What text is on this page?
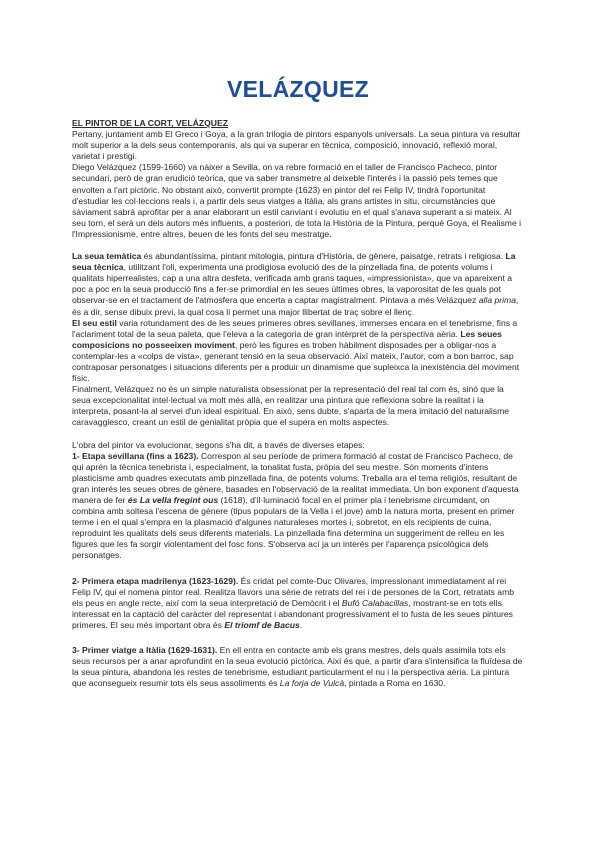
VELÁZQUEZ

EL PINTOR DE LA CORT, VELÁZQUEZ

Pertany, juntament amb El Greco i Goya, a la gran trilogia de pintors espanyols universals. La seua pintura va resultar molt superior a la dels seus contemporanis, als qui va superar en tècnica, composició, innovació, reflexió moral, varietat i prestigi.

Diego Velázquez (1599-1660) va nàixer a Sevilla, on va rebre formació en el taller de Francisco Pacheco, pintor secundari, però de gran erudició teòrica, que va saber transmetre al deixeble l'interés i la passió pels temes que envolten a l'art pictòric. No obstant això, convertit prompte (1623) en pintor del rei Felip IV, tindrà l'oportunitat d'estudiar les col·leccions reals i, a partir dels seus viatges a Itàlia, als grans artistes in situ, circumstàncies que sàviament sabrà aprofitar per a anar elaborant un estil canviant i evolutiu en el qual s'anava superant a si mateix. Al seu torn, el serà un dels autors més influents, a posteriori, de tota la Història de la Pintura, perquè Goya, el Realisme i l'Impressionisme, entre altres, beuen de les fonts del seu mestratge.

La seua temàtica és abundantíssima, pintant mitologia, pintura d'Història, de gènere, paisatge, retrats i religiosa. La seua tècnica, utilitzant l'oli, experimenta una prodigiosa evolució des de la pinzellada fina, de potents volums i qualitats hiperrealistes, cap a una altra desfeta, verificada amb grans taques, «impressionista», que va apareixent a poc a poc en la seua producció fins a fer-se primordial en les seues últimes obres, la vaporositat de les quals pot observar-se en el tractament de l'atmosfera que encerta a captar magistralment. Pintava a més Velázquez alla prima, és a dir, sense dibuix previ, la qual cosa li permet una major llibertat de traç sobre el llenç.

El seu estil varia rotundament des de les seues primeres obres sevillanes, immerses encara en el tenebrisme, fins a l'aclariment total de la seua paleta, que l'eleva a la categoria de gran intèrpret de la perspectiva aèria. Les seues composicions no posseeixen moviment, però les figures es troben hàbilment disposades per a obligar-nos a contemplar-les a «colps de vista», generant tensió en la seua observació. Així mateix, l'autor, com a bon barroc, sap contraposar personatges i situacions diferents per a produir un dinamisme que supleixca la inexistència del moviment físic.

Finalment, Velázquez no és un simple naturalista obsessionat per la representació del real tal com és, sinó que la seua excepcionalitat intel·lectual va molt més allà, en realitzar una pintura que reflexiona sobre la realitat i la interpreta, posant-la al servei d'un ideal espiritual. En això, sens dubte, s'aparta de la mera imitació del naturalisme caravaggiesco, creant un estil de genialitat pròpia que el supera en molts aspectes.

L'obra del pintor va evolucionar, segons s'ha dit, a través de diverses etapes:

1- Etapa sevillana (fins a 1623). Correspon al seu període de primera formació al costat de Francisco Pacheco, de qui aprén la tècnica tenebrista i, especialment, la tonalitat fusta, pròpia del seu mestre. Són moments d'intens plasticisme amb quadres executats amb pinzellada fina, de potents volums. Treballa ara el tema religiós, resultant de gran interés les seues obres de gènere, basades en l'observació de la realitat immediata. Un bon exponent d'aquesta manera de fer és La vella fregint ous (1618), d'il·luminació focal en el primer pla i tenebrisme circumdant, on combina amb soltesa l'escena de gènere (tipus populars de la Vella i el jove) amb la natura morta, present en primer terme i en el qual s'empra en la plasmació d'algunes naturaleses mortes i, sobretot, en els recipients de cuina, reproduint les qualitats dels seus diferents materials. La pinzellada fina determina un suggeriment de relleu en les figures que les fa sorgir violentament del fosc fons. S'observa ací ja un interés per l'aparença psicològica dels personatges.

2- Primera etapa madrilenya (1623-1629). És cridat pel comte-Duc Olivares, impressionant immediatament al rei Felip IV, qui el nomena pintor real. Realitza llavors una sèrie de retrats del rei i de persones de la Cort, retratats amb els peus en angle recte, així com la seua interpretació de Demòcrit i el Bufó Calabacillas, mostrant-se en tots ells interessat en la captació del caràcter del representat i abandonant progressivament el to fusta de les seues pintures primeres. El seu més important obra és El triomf de Bacus.

3- Primer viatge a Itàlia (1629-1631). En ell entra en contacte amb els grans mestres, dels quals assimila tots els seus recursos per a anar aprofundint en la seua evolució pictòrica. Així és que, a partir d'ara s'intensifica la fluïdesa de la seua pintura, abandona les restes de tenebrisme, estudiant particularment el nu i la perspectiva aèria. La pintura que aconsegueix resumir tots els seus assoliments és La forja de Vulcà, pintada a Roma en 1630.
